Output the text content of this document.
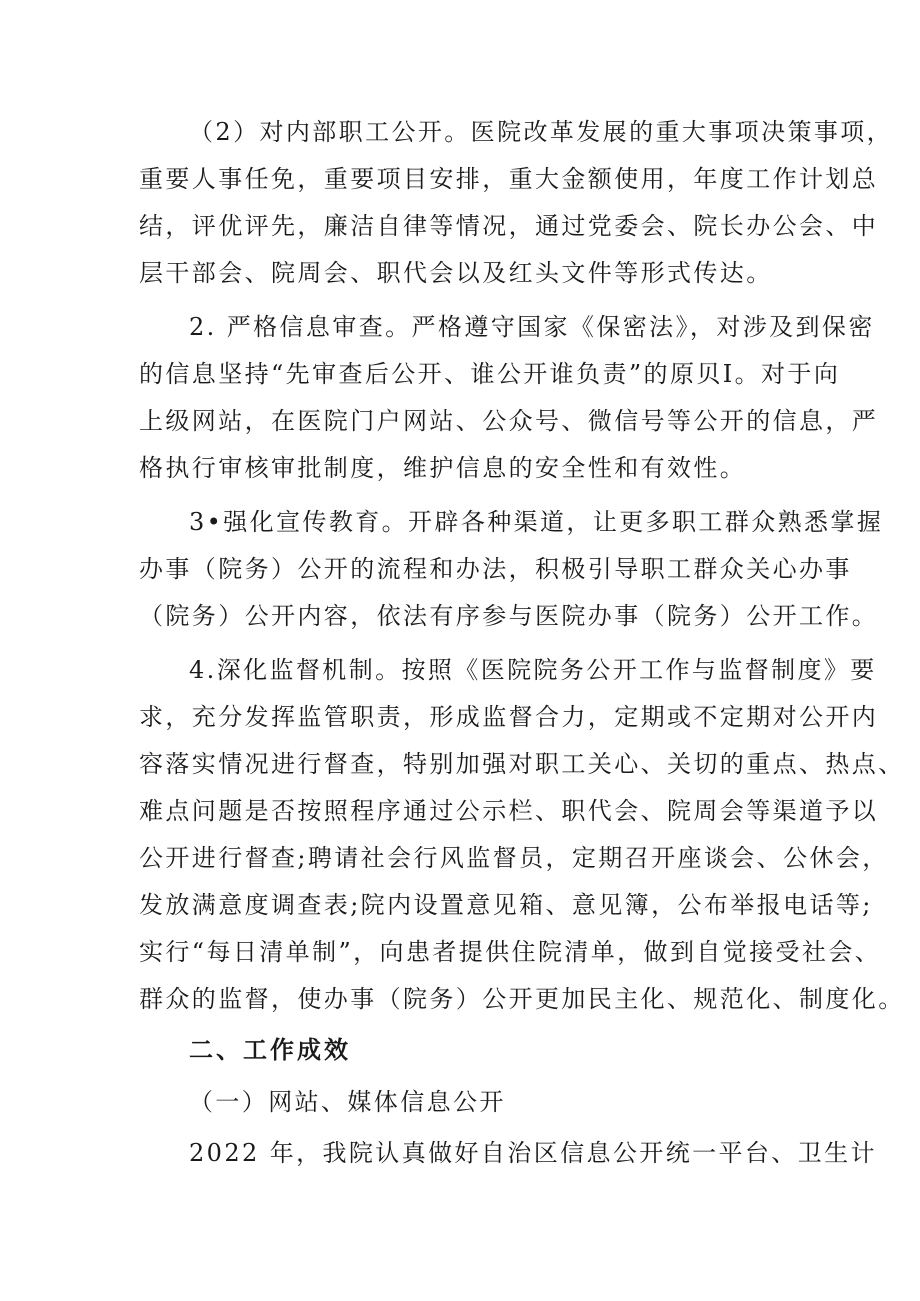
（2）对内部职工公开。医院改革发展的重大事项决策事项，
重要人事任免，重要项目安排，重大金额使用，年度工作计划总
结，评优评先，廉洁自律等情况，通过党委会、院长办公会、中
层干部会、院周会、职代会以及红头文件等形式传达。
2. 严格信息审查。严格遵守国家《保密法》，对涉及到保密
的信息坚持“先审查后公开、谁公开谁负责”的原贝I。对于向
上级网站，在医院门户网站、公众号、微信号等公开的信息，严
格执行审核审批制度，维护信息的安全性和有效性。
3•强化宣传教育。开辟各种渠道，让更多职工群众熟悉掌握
办事（院务）公开的流程和办法，积极引导职工群众关心办事
（院务）公开内容，依法有序参与医院办事（院务）公开工作。
4.深化监督机制。按照《医院院务公开工作与监督制度》要
求，充分发挥监管职责，形成监督合力，定期或不定期对公开内
容落实情况进行督查，特别加强对职工关心、关切的重点、热点、
难点问题是否按照程序通过公示栏、职代会、院周会等渠道予以
公开进行督查;聘请社会行风监督员，定期召开座谈会、公休会，
发放满意度调查表;院内设置意见箱、意见簿，公布举报电话等;
实行“每日清单制”，向患者提供住院清单，做到自觉接受社会、
群众的监督，使办事（院务）公开更加民主化、规范化、制度化。
二、工作成效
（一）网站、媒体信息公开
2022 年，我院认真做好自治区信息公开统一平台、卫生计
